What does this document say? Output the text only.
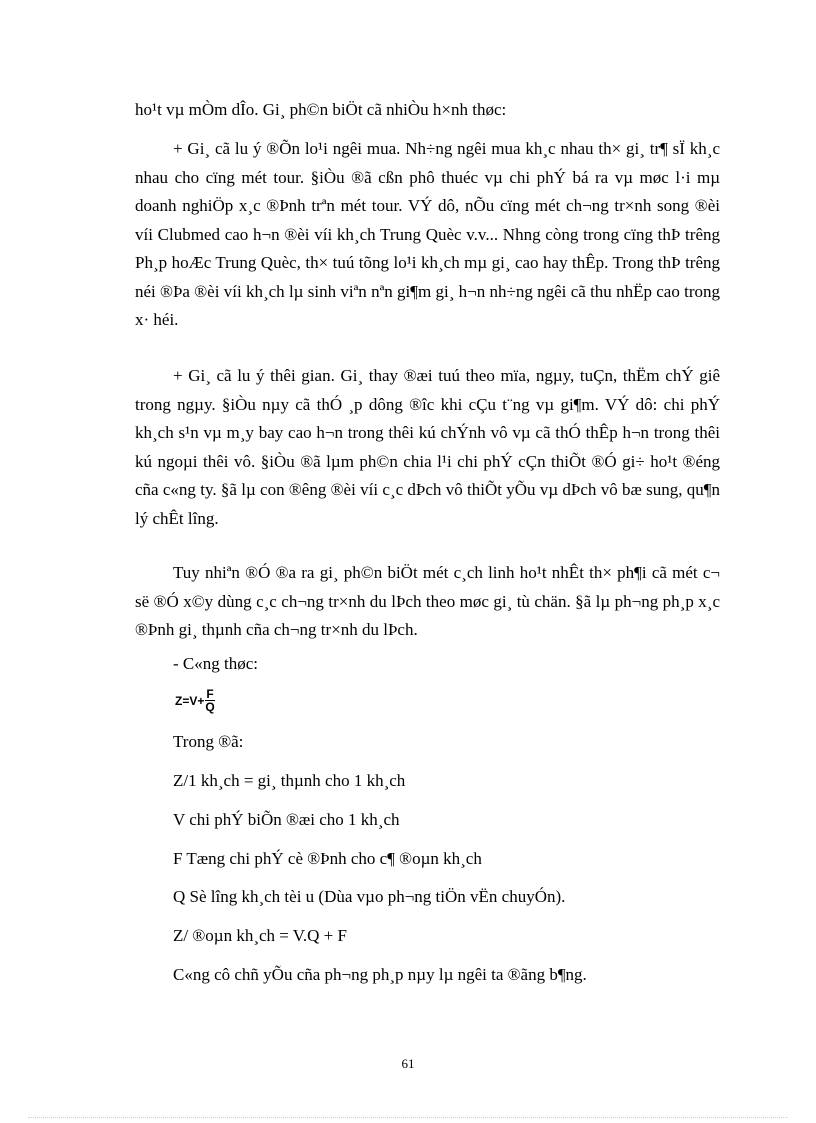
ho¹t vµ mÒm dÎo. Gi¸ ph©n biÖt cã nhiÒu h×nh thøc:

+ Gi¸ cã lu ý ®Õn lo¹i ngêi mua. Nh÷ng ngêi mua kh¸c nhau th× gi¸ tr¶ sÏ kh¸c nhau cho cïng mét tour. §iÒu ®ã cßn phô thuéc vµ chi phÝ bá ra vµ møc l·i mµ doanh nghiÖp x¸c ®Þnh trªn mét tour. VÝ dô, nÕu cïng mét ch¬ng tr×nh song ®èi víi Clubmed cao h¬n ®èi víi kh¸ch Trung Quèc v.v... Nhng còng trong cïng thÞ trêng Ph¸p hoÆc Trung Quèc, th× tuú tõng lo¹i kh¸ch mµ gi¸ cao hay thÊp. Trong thÞ trêng néi ®Þa ®èi víi kh¸ch lµ sinh viªn nªn gi¶m gi¸ h¬n nh÷ng ngêi cã thu nhËp cao trong x· héi.

+ Gi¸ cã lu ý thêi gian. Gi¸ thay ®æi tuú theo mïa, ngµy, tuÇn, thËm chÝ giê trong ngµy. §iÒu nµy cã thÓ ¸p dông ®îc khi cÇu t¨ng vµ gi¶m. VÝ dô: chi phÝ kh¸ch s¹n vµ m¸y bay cao h¬n trong thêi kú chÝnh vô vµ cã thÓ thÊp h¬n trong thêi kú ngoµi thêi vô. §iÒu ®ã lµm ph©n chia l¹i chi phÝ cÇn thiÕt ®Ó gi÷ ho¹t ®éng cña c«ng ty. §ã lµ con ®êng ®èi víi c¸c dÞch vô thiÕt yÕu vµ dÞch vô bæ sung, qu¶n lý chÊt lîng.

Tuy nhiªn ®Ó ®a ra gi¸ ph©n biÖt mét c¸ch linh ho¹t nhÊt th× ph¶i cã mét c¬ së ®Ó x©y dùng c¸c ch¬ng tr×nh du lÞch theo møc gi¸ tù chän. §ã lµ ph¬ng ph¸p x¸c ®Þnh gi¸ thµnh cña ch¬ng tr×nh du lÞch.

- C«ng thøc:

$Z=V+ \frac{F}{Q}$

Trong ®ã:

Z/1 kh¸ch = gi¸ thµnh cho 1 kh¸ch

V chi phÝ biÕn ®æi cho 1 kh¸ch

F Tæng chi phÝ cè ®Þnh cho c¶ ®oµn kh¸ch

Q Sè lîng kh¸ch tèi u (Dùa vµo ph¬ng tiÖn vËn chuyÓn).

Z/ ®oµn kh¸ch = V.Q + F

C«ng cô chñ yÕu cña ph¬ng ph¸p nµy lµ ngêi ta ®ãng b¶ng.

61
